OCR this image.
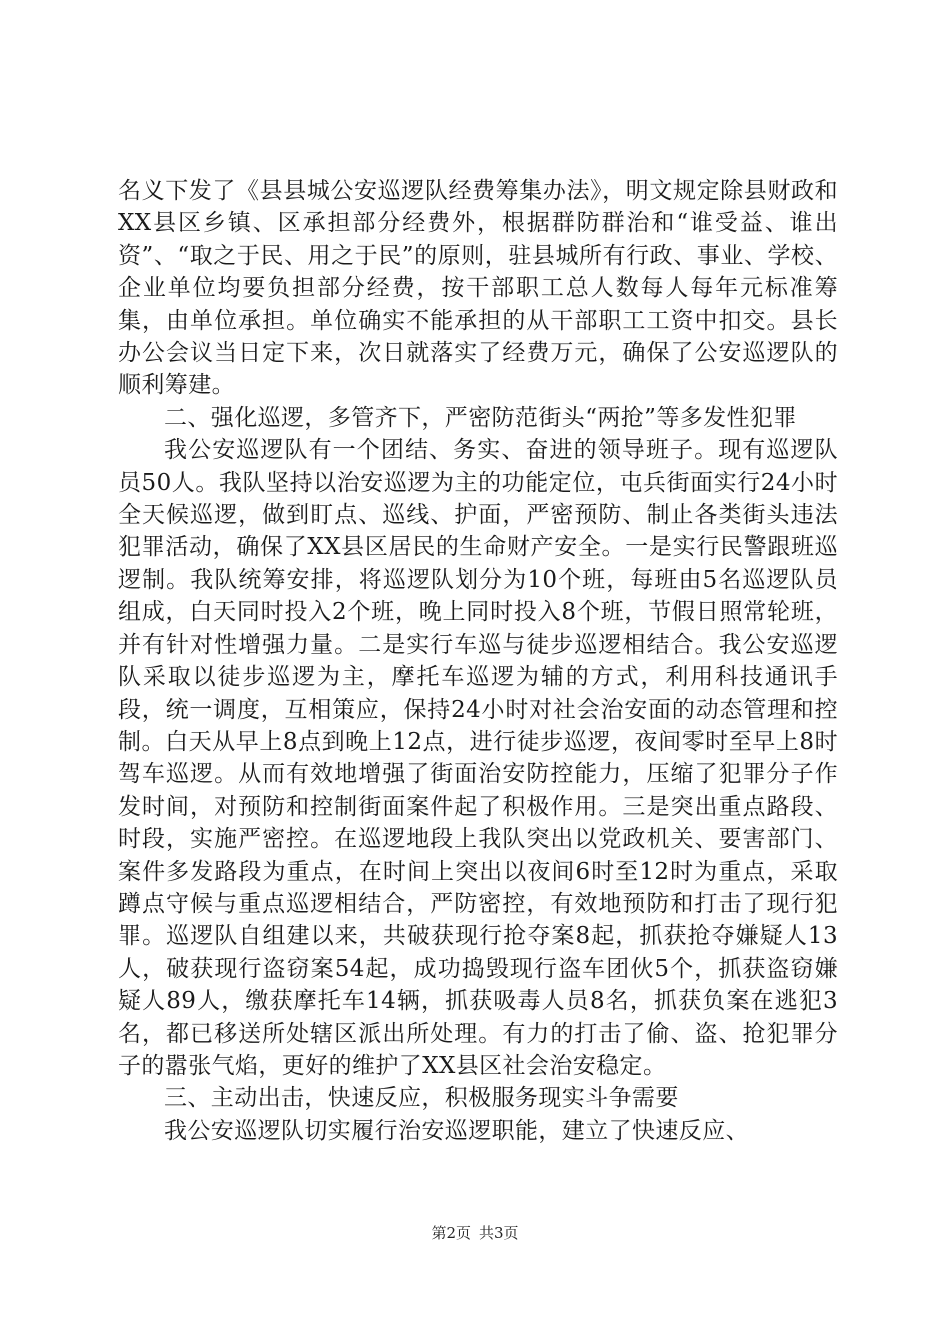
名义下发了《县县城公安巡逻队经费筹集办法》，明文规定除县财政和XX县区乡镇、区承担部分经费外，根据群防群治和“谁受益、谁出资”、“取之于民、用之于民”的原则，驻县城所有行政、事业、学校、企业单位均要负担部分经费，按干部职工总人数每人每年元标准筹集，由单位承担。单位确实不能承担的从干部职工工资中扣交。县长办公会议当日定下来，次日就落实了经费万元，确保了公安巡逻队的顺利筹建。

二、强化巡逻，多管齐下，严密防范街头“两抢”等多发性犯罪

我公安巡逻队有一个团结、务实、奋进的领导班子。现有巡逻队员50人。我队坚持以治安巡逻为主的功能定位，屯兵街面实行24小时全天候巡逻，做到盯点、巡线、护面，严密预防、制止各类街头违法犯罪活动，确保了XX县区居民的生命财产安全。一是实行民警跟班巡逻制。我队统筹安排，将巡逻队划分为10个班，每班由5名巡逻队员组成，白天同时投入2个班，晚上同时投入8个班，节假日照常轮班，并有针对性增强力量。二是实行车巡与徒步巡逻相结合。我公安巡逻队采取以徒步巡逻为主，摩托车巡逻为辅的方式，利用科技通讯手段，统一调度，互相策应，保持24小时对社会治安面的动态管理和控制。白天从早上8点到晚上12点，进行徒步巡逻，夜间零时至早上8时驾车巡逻。从而有效地增强了街面治安防控能力，压缩了犯罪分子作发时间，对预防和控制街面案件起了积极作用。三是突出重点路段、时段，实施严密控。在巡逻地段上我队突出以党政机关、要害部门、案件多发路段为重点，在时间上突出以夜间6时至12时为重点，采取蹲点守候与重点巡逻相结合，严防密控，有效地预防和打击了现行犯罪。巡逻队自组建以来，共破获现行抢夺案8起，抓获抢夺嫌疑人13人，破获现行盗窃案54起，成功捣毁现行盗车团伙5个，抓获盗窃嫌疑人89人，缴获摩托车14辆，抓获吸毒人员8名，抓获负案在逃犯3名，都已移送所处辖区派出所处理。有力的打击了偷、盗、抢犯罪分子的嚣张气焰，更好的维护了XX县区社会治安稳定。

三、主动出击，快速反应，积极服务现实斗争需要

我公安巡逻队切实履行治安巡逻职能，建立了快速反应、

第2页 共3页
